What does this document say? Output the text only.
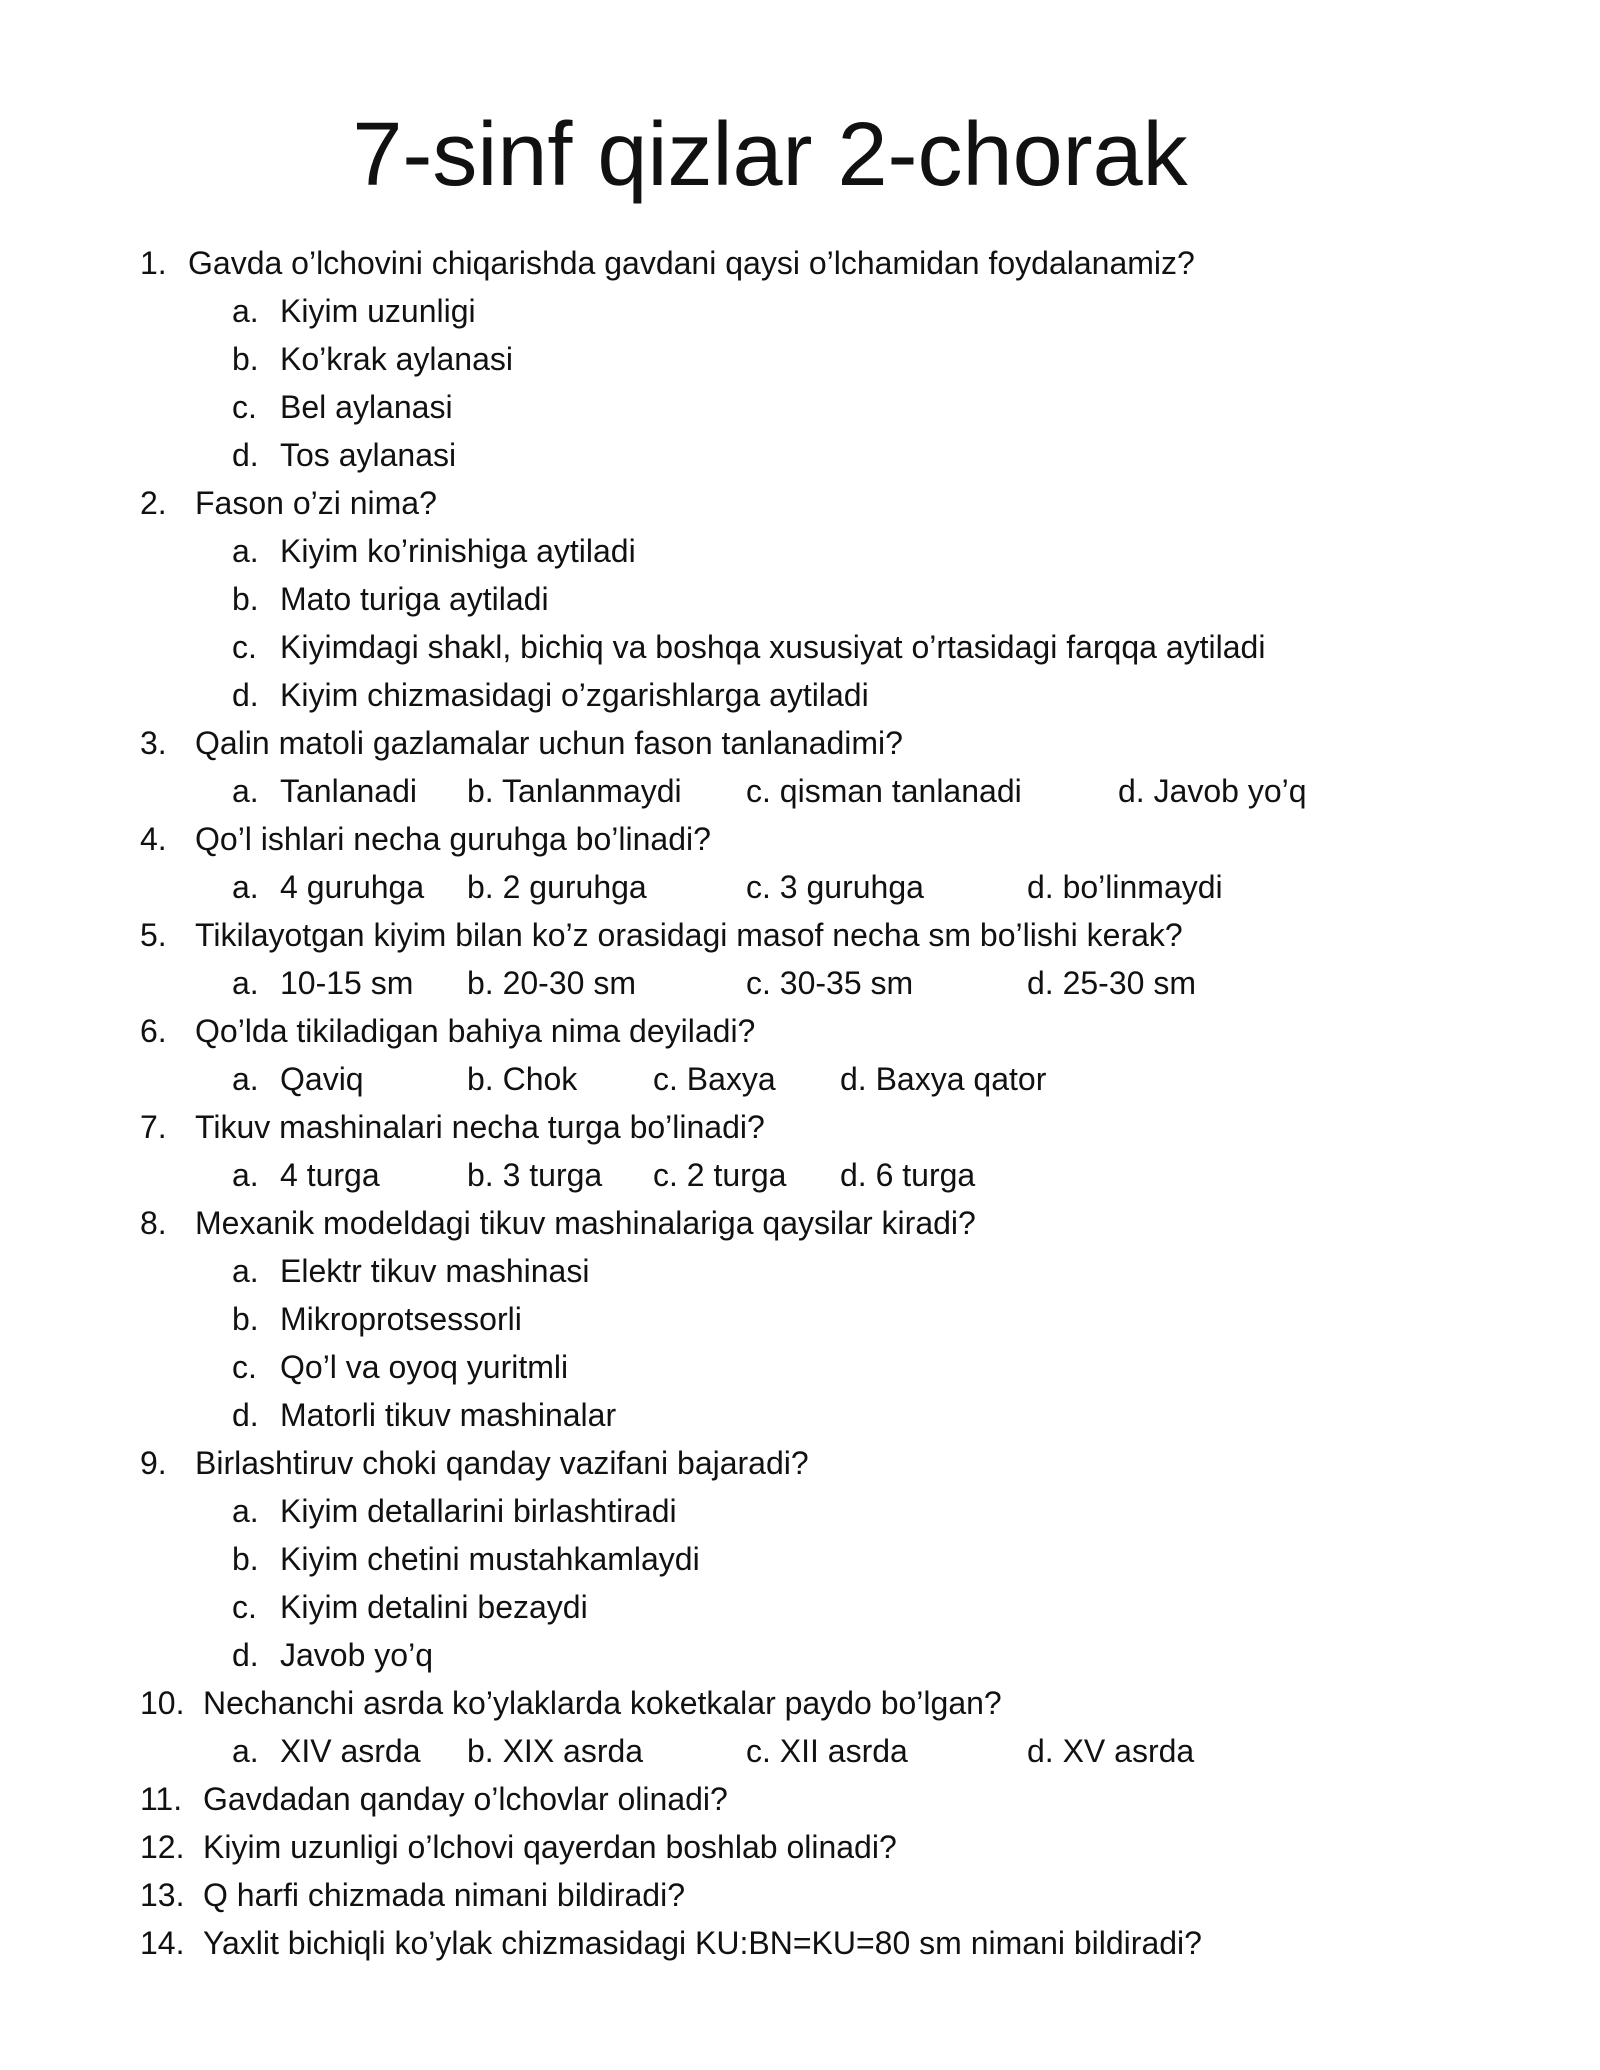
7-sinf qizlar 2-chorak
1. Gavda o’lchovini chiqarishda gavdani qaysi o’lchamidan foydalanamiz?
a. Kiyim uzunligi
b. Ko’krak aylanasi
c. Bel aylanasi
d. Tos aylanasi
2. Fason o’zi nima?
a. Kiyim ko’rinishiga aytiladi
b. Mato turiga aytiladi
c. Kiyimdagi shakl, bichiq va boshqa xususiyat o’rtasidagi farqqa aytiladi
d. Kiyim chizmasidagi o’zgarishlarga aytiladi
3. Qalin matoli gazlamalar uchun fason tanlanadimi?
a. Tanlanadi b. Tanlanmaydi c. qisman tanlanadi	d. Javob yo’q
4. Qo’l ishlari necha guruhga bo’linadi?
a. 4 guruhga b. 2 guruhga	c. 3 guruhga	d. bo’linmaydi
5. Tikilayotgan kiyim bilan ko’z orasidagi masof necha sm bo’lishi kerak?
a. 10-15 sm b. 20-30 sm	c. 30-35 sm	d. 25-30 sm
6. Qo’lda tikiladigan bahiya nima deyiladi?
a. Qaviq	b. Chok c. Baxya d. Baxya qator
7. Tikuv mashinalari necha turga bo’linadi?
a. 4 turga	b. 3 turga c. 2 turga d. 6 turga
8. Mexanik modeldagi tikuv mashinalariga qaysilar kiradi?
a. Elektr tikuv mashinasi
b. Mikroprotsessorli
c. Qo’l va oyoq yuritmli
d. Matorli tikuv mashinalar
9. Birlashtiruv choki qanday vazifani bajaradi?
a. Kiyim detallarini birlashtiradi
b. Kiyim chetini mustahkamlaydi
c. Kiyim detalini bezaydi
d. Javob yo’q
10. Nechanchi asrda ko’ylaklarda koketkalar paydo bo’lgan?
a. XIV asrda b. XIX asrda	c. XII asrda	d. XV asrda
11. Gavdadan qanday o’lchovlar olinadi?
12. Kiyim uzunligi o’lchovi qayerdan boshlab olinadi?
13. Q harfi chizmada nimani bildiradi?
14. Yaxlit bichiqli ko’ylak chizmasidagi KU:BN=KU=80 sm nimani bildiradi?
